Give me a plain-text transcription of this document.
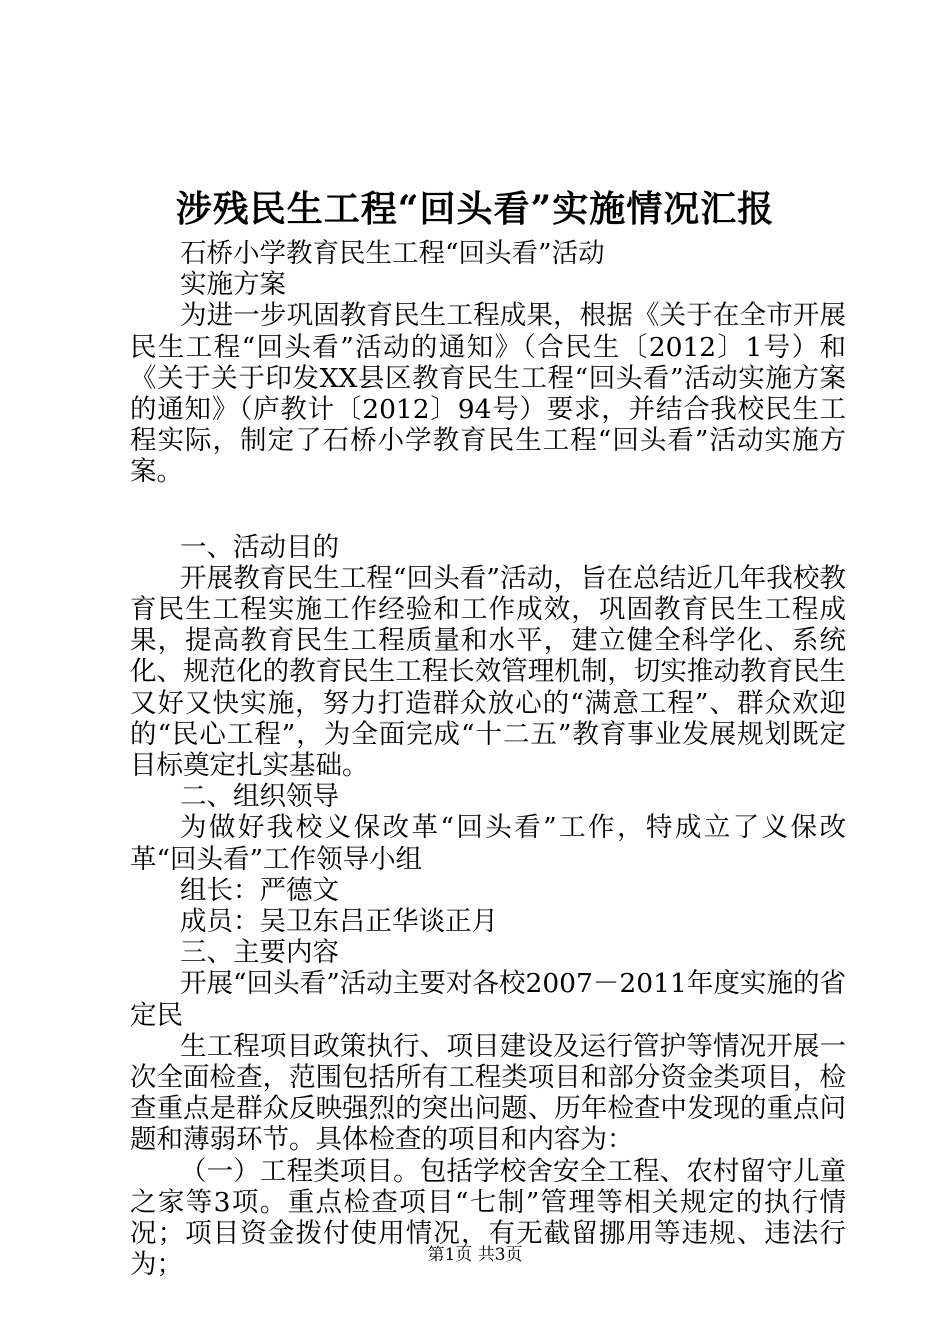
涉残民生工程“回头看”实施情况汇报

石桥小学教育民生工程“回头看”活动

实施方案

为进一步巩固教育民生工程成果，根据《关于在全市开展民生工程“回头看”活动的通知》（合民生〔2012〕1号）和《关于关于印发XX县区教育民生工程“回头看”活动实施方案的通知》（庐教计〔2012〕94号）要求，并结合我校民生工程实际，制定了石桥小学教育民生工程“回头看”活动实施方案。

一、活动目的

开展教育民生工程“回头看”活动，旨在总结近几年我校教育民生工程实施工作经验和工作成效，巩固教育民生工程成果，提高教育民生工程质量和水平，建立健全科学化、系统化、规范化的教育民生工程长效管理机制，切实推动教育民生又好又快实施，努力打造群众放心的“满意工程”、群众欢迎的“民心工程”，为全面完成“十二五”教育事业发展规划既定目标奠定扎实基础。

二、组织领导

为做好我校义保改革“回头看”工作，特成立了义保改革“回头看”工作领导小组

组长：严德文

成员：吴卫东吕正华谈正月

三、主要内容

开展“回头看”活动主要对各校2007－2011年度实施的省定民

生工程项目政策执行、项目建设及运行管护等情况开展一次全面检查，范围包括所有工程类项目和部分资金类项目，检查重点是群众反映强烈的突出问题、历年检查中发现的重点问题和薄弱环节。具体检查的项目和内容为：

（一）工程类项目。包括学校舍安全工程、农村留守儿童之家等3项。重点检查项目“七制”管理等相关规定的执行情况；项目资金拨付使用情况，有无截留挪用等违规、违法行为；	第1页 共3页
